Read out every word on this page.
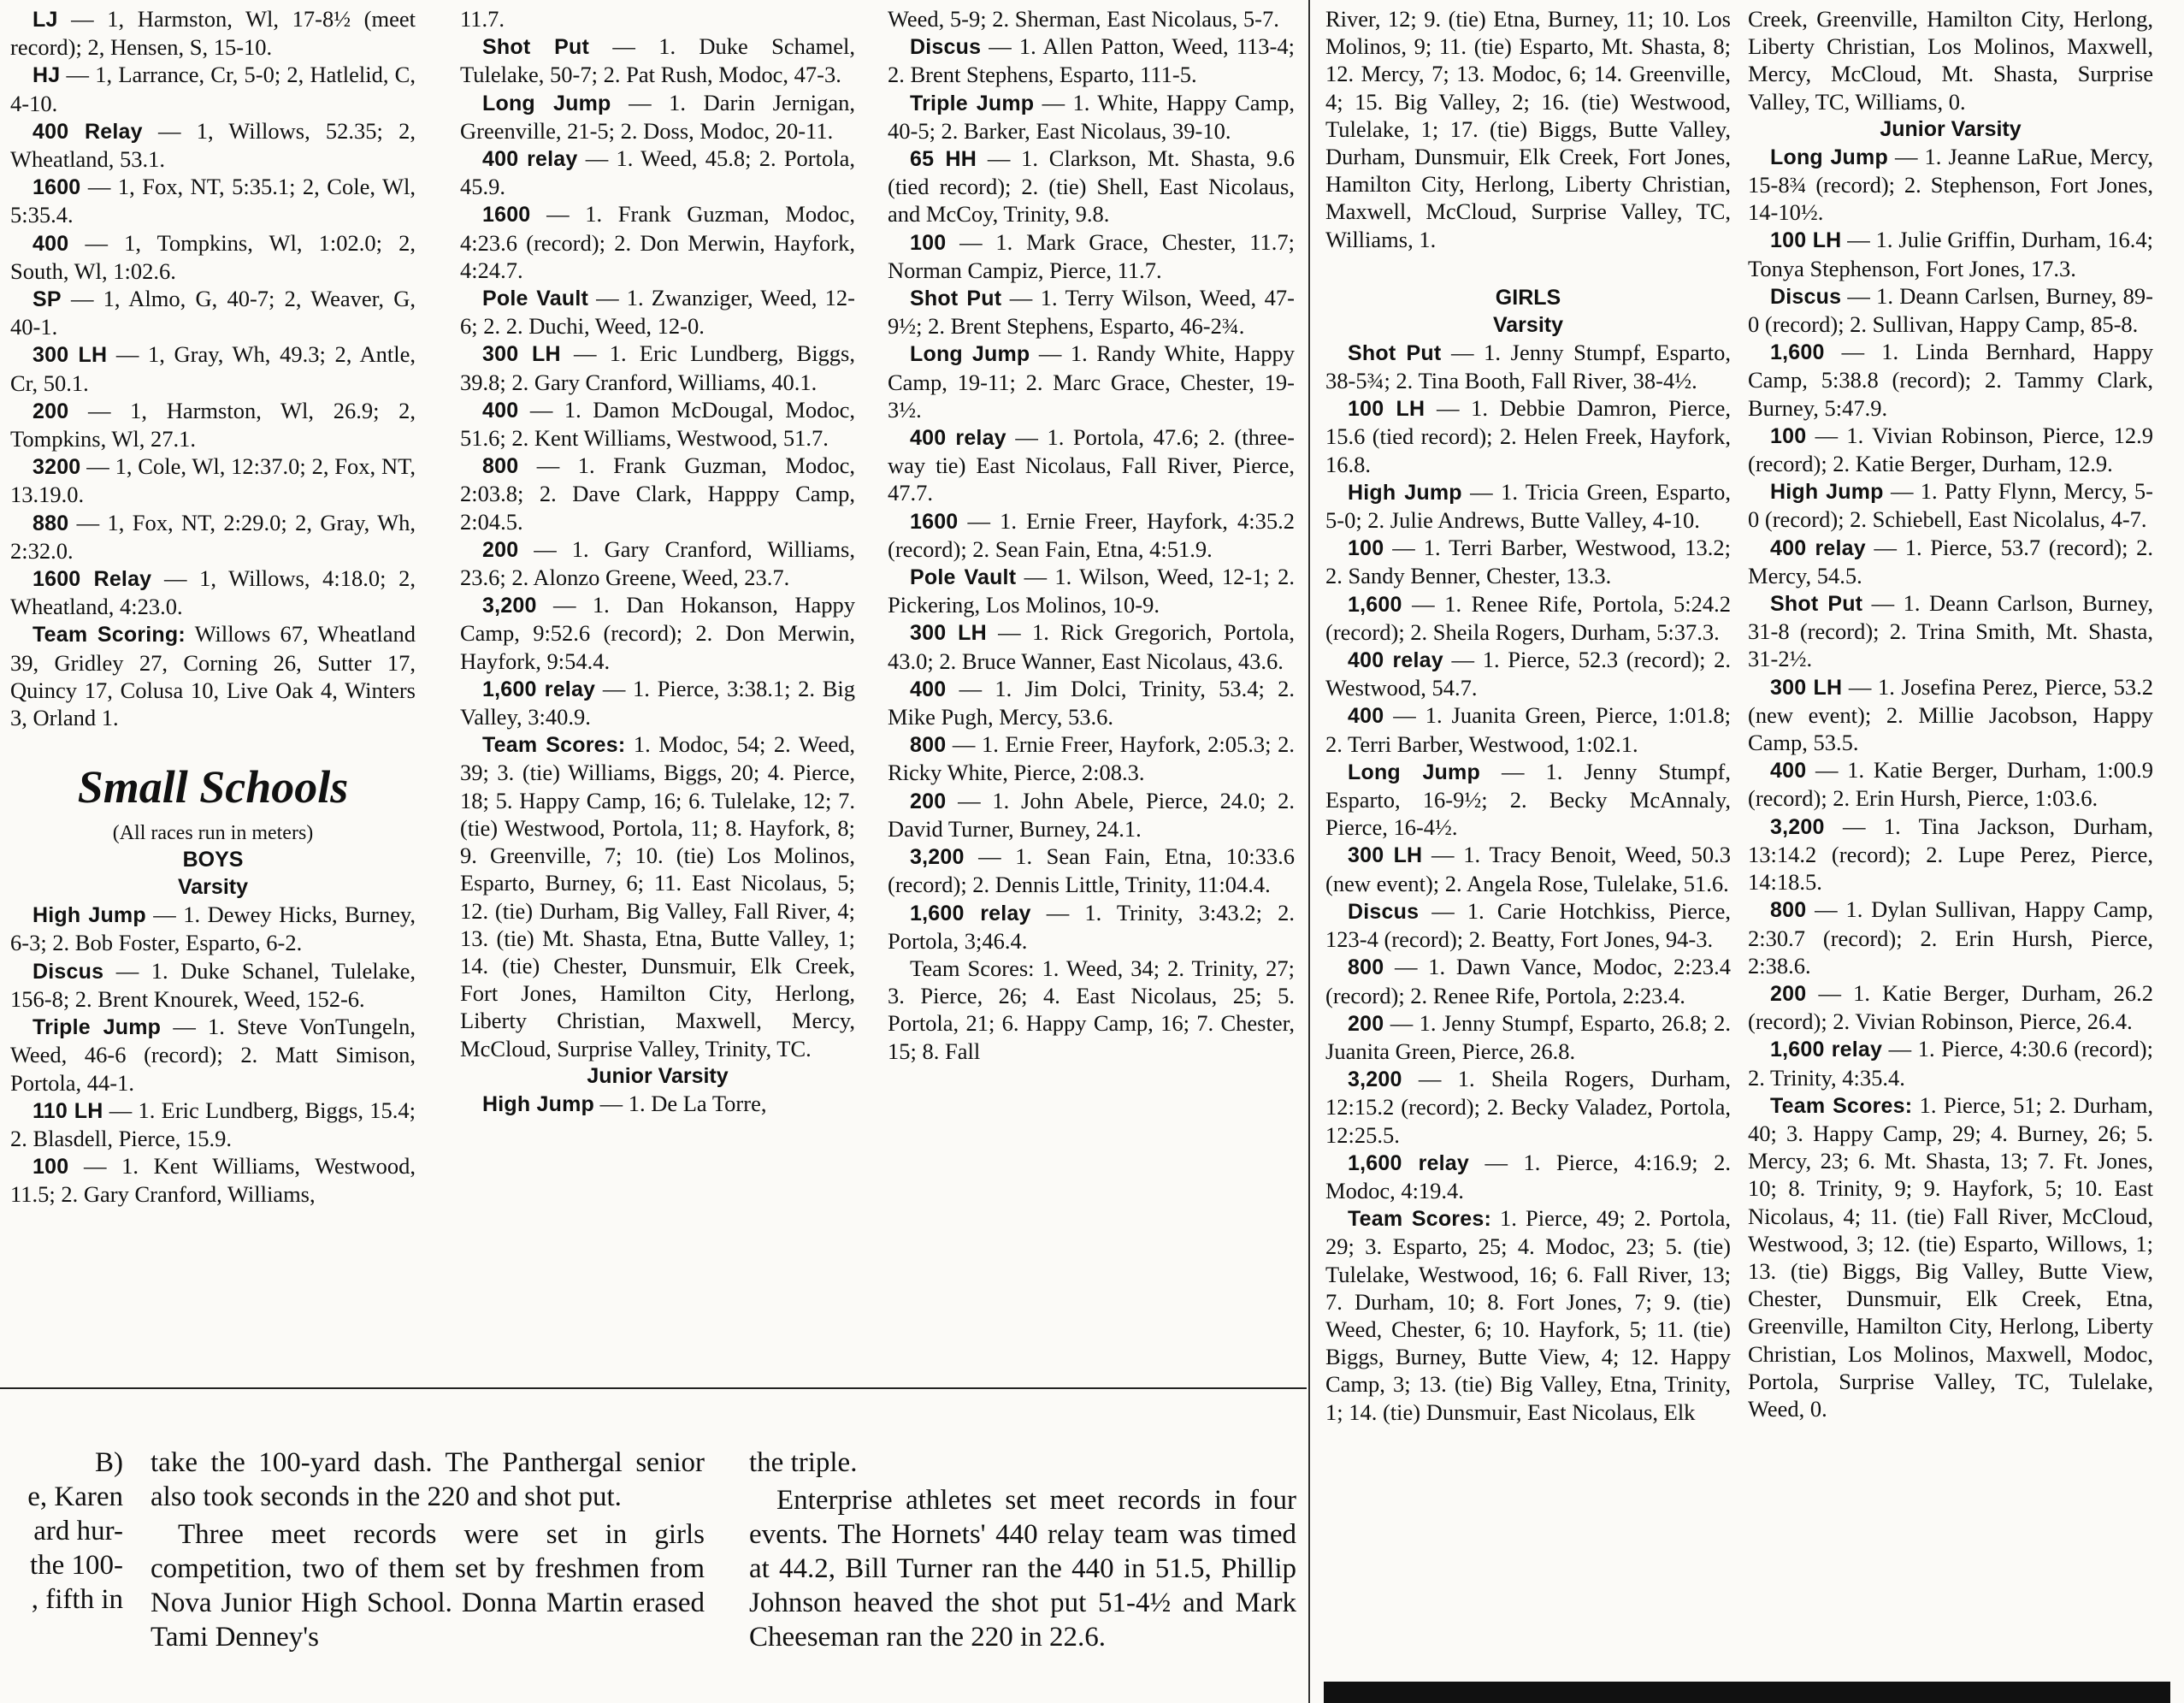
LJ — 1, Harmston, Wl, 17-8½ (meet record); 2, Hensen, S, 15-10.

HJ — 1, Larrance, Cr, 5-0; 2, Hatlelid, C, 4-10.

400 Relay — 1, Willows, 52.35; 2, Wheatland, 53.1.

1600 — 1, Fox, NT, 5:35.1; 2, Cole, Wl, 5:35.4.

400 — 1, Tompkins, Wl, 1:02.0; 2, South, Wl, 1:02.6.

SP — 1, Almo, G, 40-7; 2, Weaver, G, 40-1.

300 LH — 1, Gray, Wh, 49.3; 2, Antle, Cr, 50.1.

200 — 1, Harmston, Wl, 26.9; 2, Tompkins, Wl, 27.1.

3200 — 1, Cole, Wl, 12:37.0; 2, Fox, NT, 13.19.0.

880 — 1, Fox, NT, 2:29.0; 2, Gray, Wh, 2:32.0.

1600 Relay — 1, Willows, 4:18.0; 2, Wheatland, 4:23.0.

Team Scoring: Willows 67, Wheatland 39, Gridley 27, Corning 26, Sutter 17, Quincy 17, Colusa 10, Live Oak 4, Winters 3, Orland 1.

Small Schools
(All races run in meters)
BOYS
Varsity

High Jump — 1. Dewey Hicks, Burney, 6-3; 2. Bob Foster, Esparto, 6-2.

Discus — 1. Duke Schanel, Tulelake, 156-8; 2. Brent Knourek, Weed, 152-6.

Triple Jump — 1. Steve VonTungeln, Weed, 46-6 (record); 2. Matt Simison, Portola, 44-1.

110 LH — 1. Eric Lundberg, Biggs, 15.4; 2. Blasdell, Pierce, 15.9.

100 — 1. Kent Williams, Westwood, 11.5; 2. Gary Cranford, Williams,

11.7.

Shot Put — 1. Duke Schamel, Tulelake, 50-7; 2. Pat Rush, Modoc, 47-3.

Long Jump — 1. Darin Jernigan, Greenville, 21-5; 2. Doss, Modoc, 20-11.

400 relay — 1. Weed, 45.8; 2. Portola, 45.9.

1600 — 1. Frank Guzman, Modoc, 4:23.6 (record); 2. Don Merwin, Hayfork, 4:24.7.

Pole Vault — 1. Zwanziger, Weed, 12-6; 2. 2. Duchi, Weed, 12-0.

300 LH — 1. Eric Lundberg, Biggs, 39.8; 2. Gary Cranford, Williams, 40.1.

400 — 1. Damon McDougal, Modoc, 51.6; 2. Kent Williams, Westwood, 51.7.

800 — 1. Frank Guzman, Modoc, 2:03.8; 2. Dave Clark, Happpy Camp, 2:04.5.

200 — 1. Gary Cranford, Williams, 23.6; 2. Alonzo Greene, Weed, 23.7.

3,200 — 1. Dan Hokanson, Happy Camp, 9:52.6 (record); 2. Don Merwin, Hayfork, 9:54.4.

1,600 relay — 1. Pierce, 3:38.1; 2. Big Valley, 3:40.9.

Team Scores: 1. Modoc, 54; 2. Weed, 39; 3. (tie) Williams, Biggs, 20; 4. Pierce, 18; 5. Happy Camp, 16; 6. Tulelake, 12; 7. (tie) Westwood, Portola, 11; 8. Hayfork, 8; 9. Greenville, 7; 10. (tie) Los Molinos, Esparto, Burney, 6; 11. East Nicolaus, 5; 12. (tie) Durham, Big Valley, Fall River, 4; 13. (tie) Mt. Shasta, Etna, Butte Valley, 1; 14. (tie) Chester, Dunsmuir, Elk Creek, Fort Jones, Hamilton City, Herlong, Liberty Christian, Maxwell, Mercy, McCloud, Surprise Valley, Trinity, TC.

Junior Varsity

High Jump — 1. De La Torre,

Weed, 5-9; 2. Sherman, East Nicolaus, 5-7.

Discus — 1. Allen Patton, Weed, 113-4; 2. Brent Stephens, Esparto, 111-5.

Triple Jump — 1. White, Happy Camp, 40-5; 2. Barker, East Nicolaus, 39-10.

65 HH — 1. Clarkson, Mt. Shasta, 9.6 (tied record); 2. (tie) Shell, East Nicolaus, and McCoy, Trinity, 9.8.

100 — 1. Mark Grace, Chester, 11.7; Norman Campiz, Pierce, 11.7.

Shot Put — 1. Terry Wilson, Weed, 47-9½; 2. Brent Stephens, Esparto, 46-2¾.

Long Jump — 1. Randy White, Happy Camp, 19-11; 2. Marc Grace, Chester, 19-3½.

400 relay — 1. Portola, 47.6; 2. (three-way tie) East Nicolaus, Fall River, Pierce, 47.7.

1600 — 1. Ernie Freer, Hayfork, 4:35.2 (record); 2. Sean Fain, Etna, 4:51.9.

Pole Vault — 1. Wilson, Weed, 12-1; 2. Pickering, Los Molinos, 10-9.

300 LH — 1. Rick Gregorich, Portola, 43.0; 2. Bruce Wanner, East Nicolaus, 43.6.

400 — 1. Jim Dolci, Trinity, 53.4; 2. Mike Pugh, Mercy, 53.6.

800 — 1. Ernie Freer, Hayfork, 2:05.3; 2. Ricky White, Pierce, 2:08.3.

200 — 1. John Abele, Pierce, 24.0; 2. David Turner, Burney, 24.1.

3,200 — 1. Sean Fain, Etna, 10:33.6 (record); 2. Dennis Little, Trinity, 11:04.4.

1,600 relay — 1. Trinity, 3:43.2; 2. Portola, 3;46.4.

Team Scores: 1. Weed, 34; 2. Trinity, 27; 3. Pierce, 26; 4. East Nicolaus, 25; 5. Portola, 21; 6. Happy Camp, 16; 7. Chester, 15; 8. Fall

River, 12; 9. (tie) Etna, Burney, 11; 10. Los Molinos, 9; 11. (tie) Esparto, Mt. Shasta, 8; 12. Mercy, 7; 13. Modoc, 6; 14. Greenville, 4; 15. Big Valley, 2; 16. (tie) Westwood, Tulelake, 1; 17. (tie) Biggs, Butte Valley, Durham, Dunsmuir, Elk Creek, Fort Jones, Hamilton City, Herlong, Liberty Christian, Maxwell, McCloud, Surprise Valley, TC, Williams, 1.

GIRLS
Varsity

Shot Put — 1. Jenny Stumpf, Esparto, 38-5¾; 2. Tina Booth, Fall River, 38-4½.

100 LH — 1. Debbie Damron, Pierce, 15.6 (tied record); 2. Helen Freek, Hayfork, 16.8.

High Jump — 1. Tricia Green, Esparto, 5-0; 2. Julie Andrews, Butte Valley, 4-10.

100 — 1. Terri Barber, Westwood, 13.2; 2. Sandy Benner, Chester, 13.3.

1,600 — 1. Renee Rife, Portola, 5:24.2 (record); 2. Sheila Rogers, Durham, 5:37.3.

400 relay — 1. Pierce, 52.3 (record); 2. Westwood, 54.7.

400 — 1. Juanita Green, Pierce, 1:01.8; 2. Terri Barber, Westwood, 1:02.1.

Long Jump — 1. Jenny Stumpf, Esparto, 16-9½; 2. Becky McAnnaly, Pierce, 16-4½.

300 LH — 1. Tracy Benoit, Weed, 50.3 (new event); 2. Angela Rose, Tulelake, 51.6.

Discus — 1. Carie Hotchkiss, Pierce, 123-4 (record); 2. Beatty, Fort Jones, 94-3.

800 — 1. Dawn Vance, Modoc, 2:23.4 (record); 2. Renee Rife, Portola, 2:23.4.

200 — 1. Jenny Stumpf, Esparto, 26.8; 2. Juanita Green, Pierce, 26.8.

3,200 — 1. Sheila Rogers, Durham, 12:15.2 (record); 2. Becky Valadez, Portola, 12:25.5.

1,600 relay — 1. Pierce, 4:16.9; 2. Modoc, 4:19.4.

Team Scores: 1. Pierce, 49; 2. Portola, 29; 3. Esparto, 25; 4. Modoc, 23; 5. (tie) Tulelake, Westwood, 16; 6. Fall River, 13; 7. Durham, 10; 8. Fort Jones, 7; 9. (tie) Weed, Chester, 6; 10. Hayfork, 5; 11. (tie) Biggs, Burney, Butte View, 4; 12. Happy Camp, 3; 13. (tie) Big Valley, Etna, Trinity, 1; 14. (tie) Dunsmuir, East Nicolaus, Elk

Creek, Greenville, Hamilton City, Herlong, Liberty Christian, Los Molinos, Maxwell, Mercy, McCloud, Mt. Shasta, Surprise Valley, TC, Williams, 0.

Junior Varsity

Long Jump — 1. Jeanne LaRue, Mercy, 15-8¾ (record); 2. Stephenson, Fort Jones, 14-10½.

100 LH — 1. Julie Griffin, Durham, 16.4; Tonya Stephenson, Fort Jones, 17.3.

Discus — 1. Deann Carlsen, Burney, 89-0 (record); 2. Sullivan, Happy Camp, 85-8.

1,600 — 1. Linda Bernhard, Happy Camp, 5:38.8 (record); 2. Tammy Clark, Burney, 5:47.9.

100 — 1. Vivian Robinson, Pierce, 12.9 (record); 2. Katie Berger, Durham, 12.9.

High Jump — 1. Patty Flynn, Mercy, 5-0 (record); 2. Schiebell, East Nicolalus, 4-7.

400 relay — 1. Pierce, 53.7 (record); 2. Mercy, 54.5.

Shot Put — 1. Deann Carlson, Burney, 31-8 (record); 2. Trina Smith, Mt. Shasta, 31-2½.

300 LH — 1. Josefina Perez, Pierce, 53.2 (new event); 2. Millie Jacobson, Happy Camp, 53.5.

400 — 1. Katie Berger, Durham, 1:00.9 (record); 2. Erin Hursh, Pierce, 1:03.6.

3,200 — 1. Tina Jackson, Durham, 13:14.2 (record); 2. Lupe Perez, Pierce, 14:18.5.

800 — 1. Dylan Sullivan, Happy Camp, 2:30.7 (record); 2. Erin Hursh, Pierce, 2:38.6.

200 — 1. Katie Berger, Durham, 26.2 (record); 2. Vivian Robinson, Pierce, 26.4.

1,600 relay — 1. Pierce, 4:30.6 (record); 2. Trinity, 4:35.4.

Team Scores: 1. Pierce, 51; 2. Durham, 40; 3. Happy Camp, 29; 4. Burney, 26; 5. Mercy, 23; 6. Mt. Shasta, 13; 7. Ft. Jones, 10; 8. Trinity, 9; 9. Hayfork, 5; 10. East Nicolaus, 4; 11. (tie) Fall River, McCloud, Westwood, 3; 12. (tie) Esparto, Willows, 1; 13. (tie) Biggs, Big Valley, Butte View, Chester, Dunsmuir, Elk Creek, Etna, Greenville, Hamilton City, Herlong, Liberty Christian, Los Molinos, Maxwell, Modoc, Portola, Surprise Valley, TC, Tulelake, Weed, 0.

B)

e, Karen

ard hur-

the 100-

, fifth in

take the 100-yard dash. The Panthergal senior also took seconds in the 220 and shot put.

Three meet records were set in girls competition, two of them set by freshmen from Nova Junior High School. Donna Martin erased Tami Denney's

the triple.

Enterprise athletes set meet records in four events. The Hornets' 440 relay team was timed at 44.2, Bill Turner ran the 440 in 51.5, Phillip Johnson heaved the shot put 51-4½ and Mark Cheeseman ran the 220 in 22.6.
